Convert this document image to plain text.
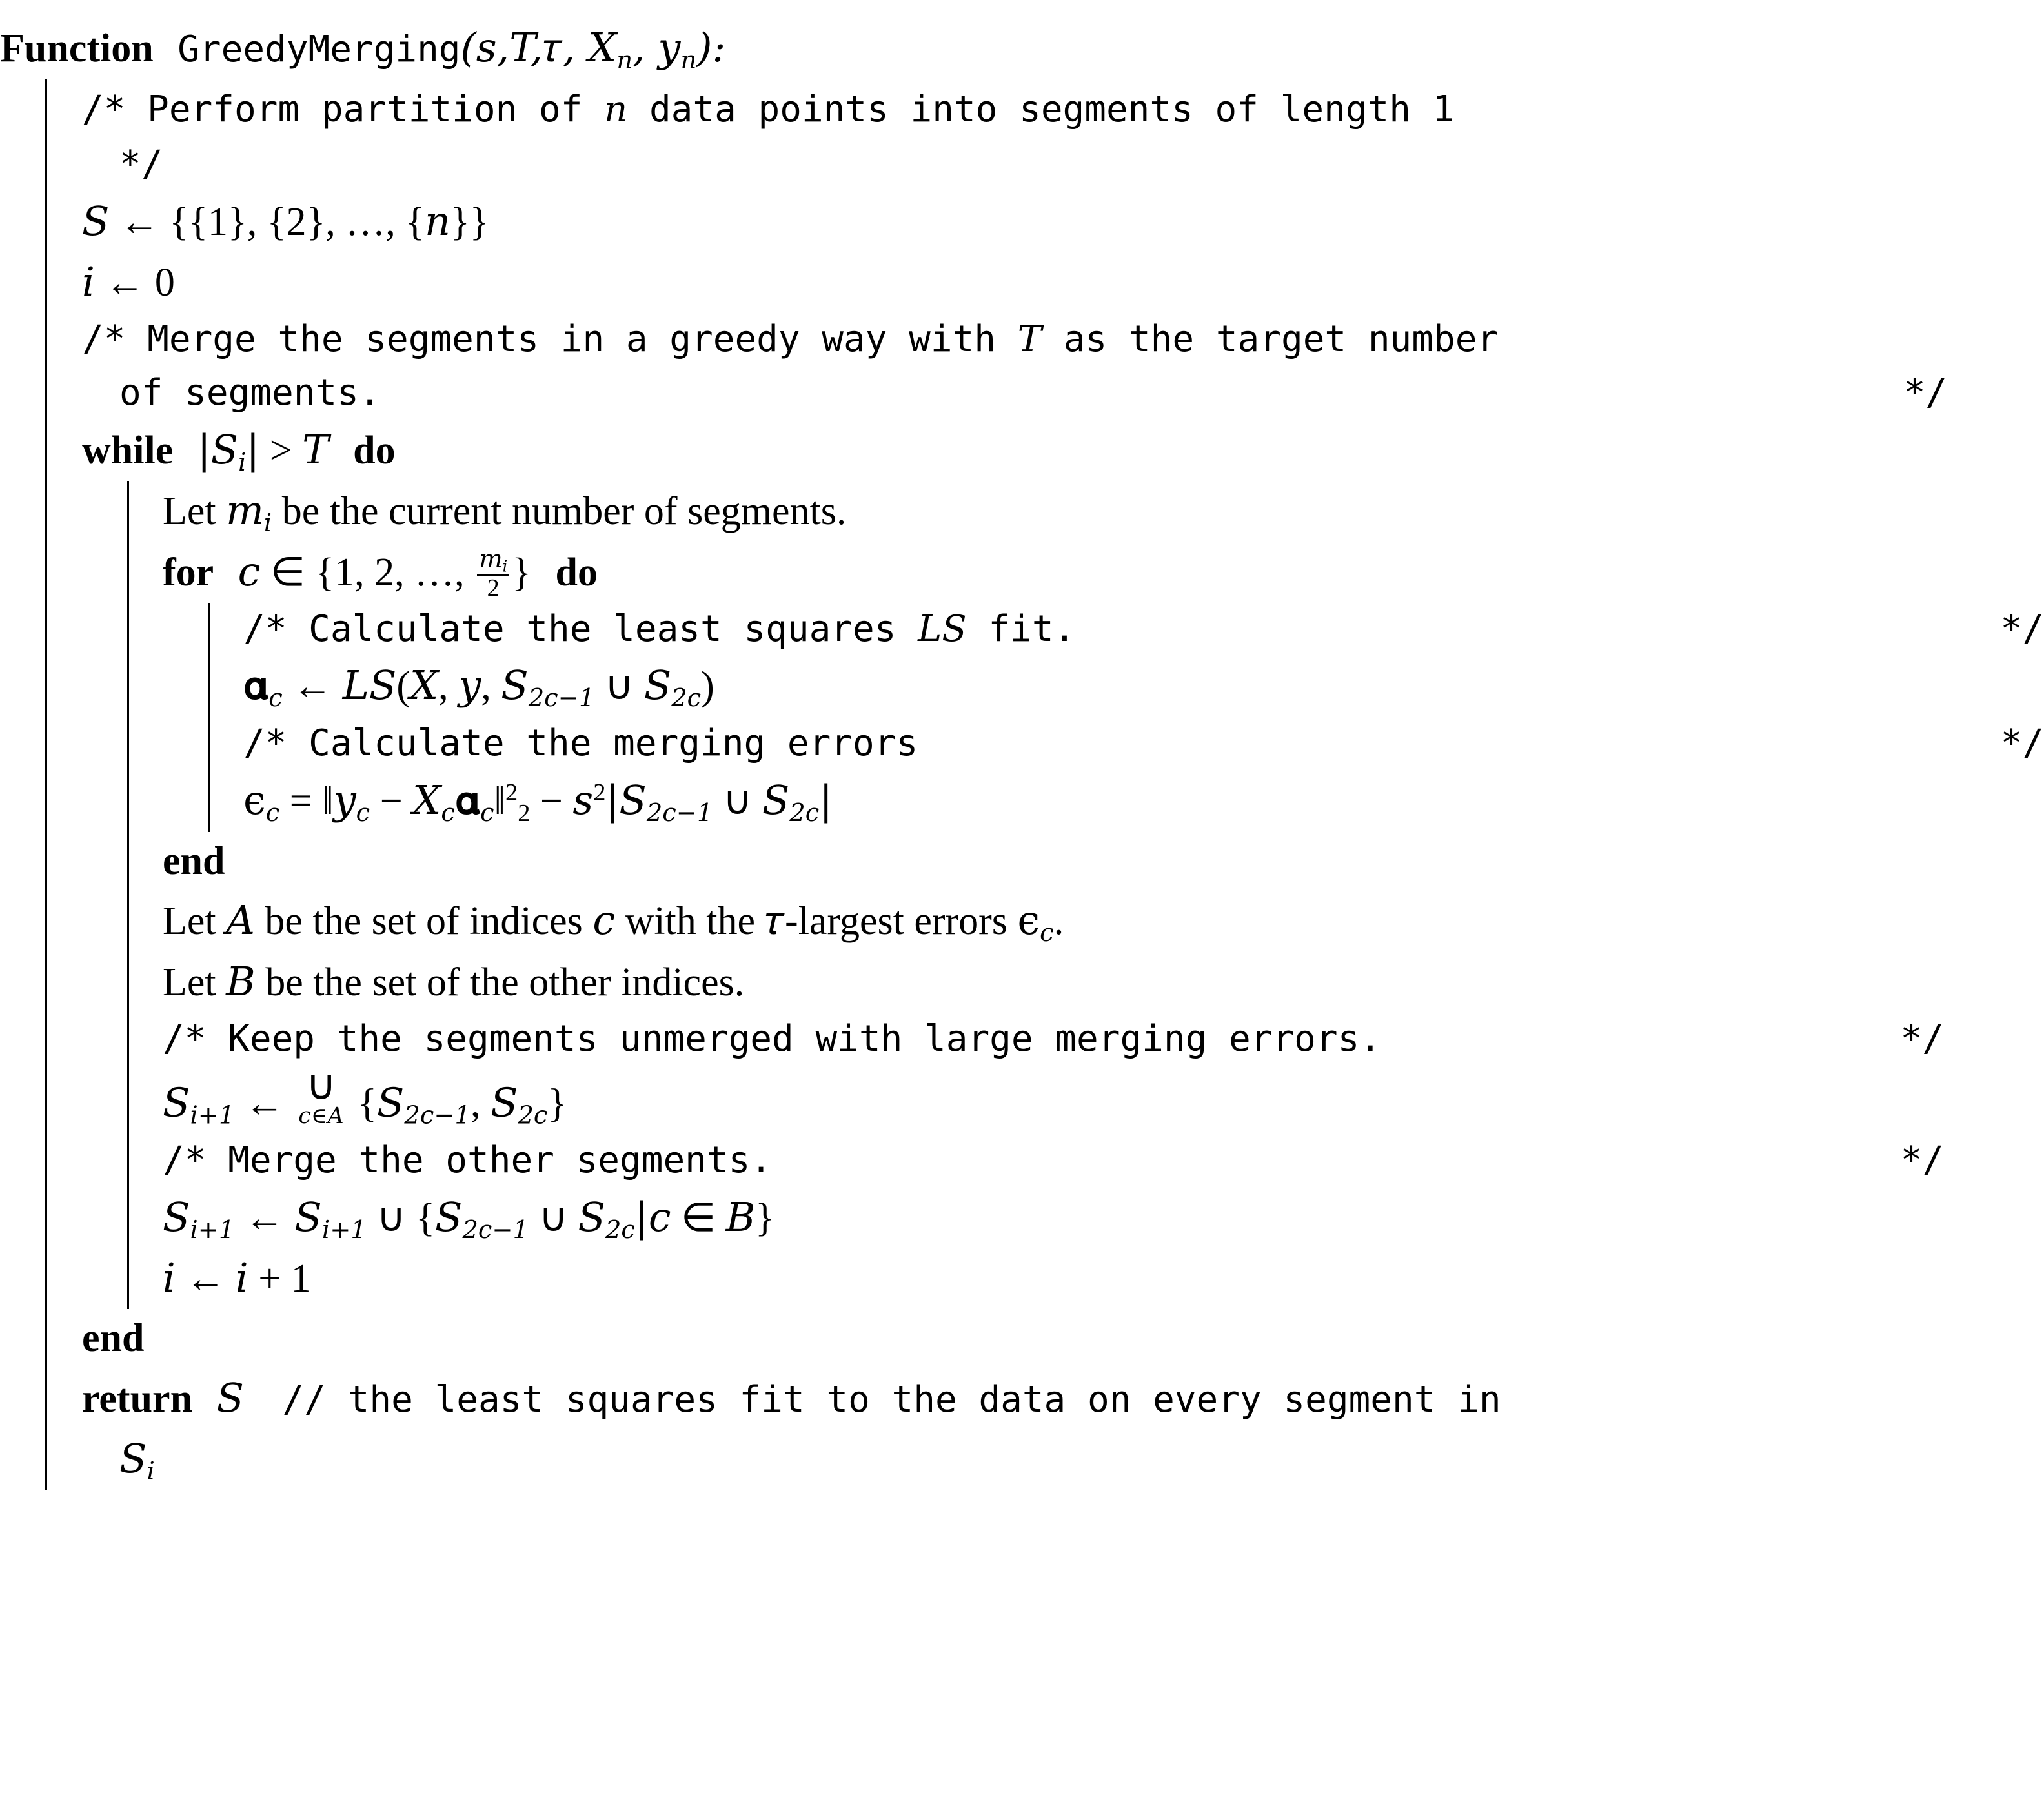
Function GreedyMerging(s,T,𝜏, $X_n$, $y_n$):
/* Perform partition of n data points into segments of length 1
*/
S ← {{1}, {2}, …, {n}}
i ← 0
/* Merge the segments in a greedy way with T as the target number
of segments.	*/
while $|S_i| > T$ do
Let $m_i$ be the current number of segments.
for c ∈ {1, 2, …, $\frac{m_i}{2}$ } do
/* Calculate the least squares LS fit.	*/
𝛂$_c$ ← LS(X, y, $S_{2c-1}$ ∪ $S_{2c}$)
/* Calculate the merging errors	*/
$\epsilon_c$ = $‖y_c$ − $X_c𝛂_c‖^2_2 - s^2|S_{2c-1}$ ∪ $S_{2c}|$
end
Let A be the set of indices c with the 𝜏-largest errors $\epsilon_c$.
Let B be the set of the other indices.
/* Keep the segments unmerged with large merging errors.	*/
$S_{i+1}$ ← ∪
c∈A {$S_{2c-1}$, $S_{2c}$}
/* Merge the other segments.	*/
$S_{i+1}$ ← $S_{i+1}$ ∪ {$S_{2c-1}$ ∪ $S_{2c}|c$ ∈ B}
i ← i + 1
end
return S // the least squares fit to the data on every segment in
$S_i$
